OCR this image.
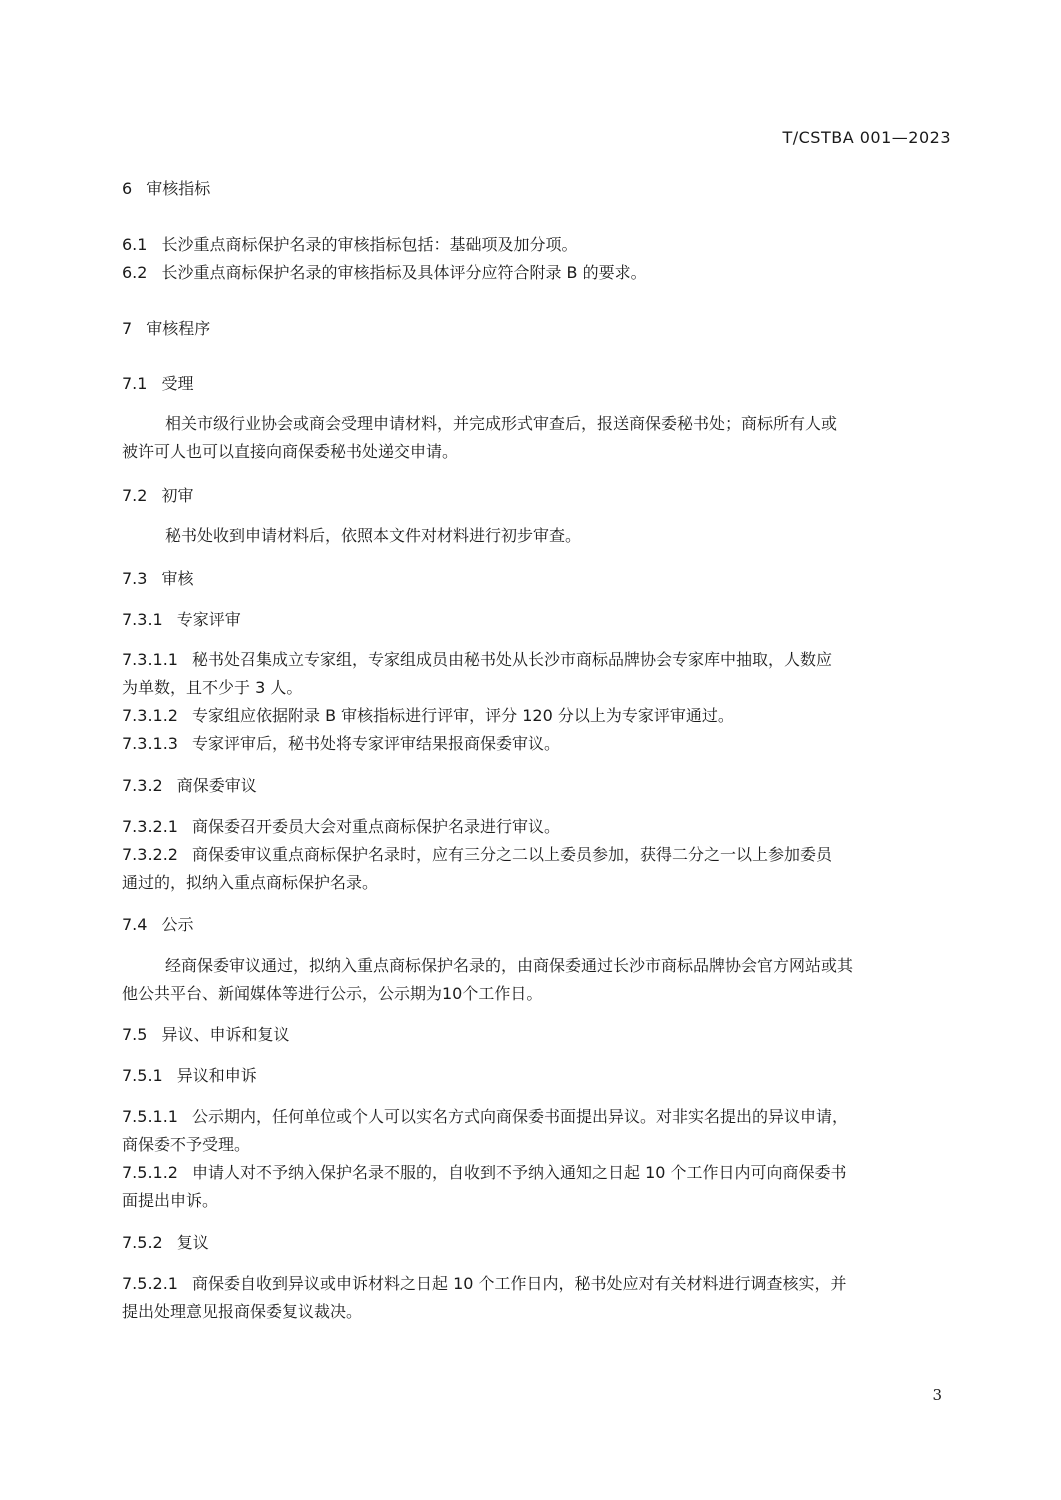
T/CSTBA 001—2023
6 审核指标
6.1 长沙重点商标保护名录的审核指标包括：基础项及加分项。
6.2 长沙重点商标保护名录的审核指标及具体评分应符合附录 B 的要求。
7 审核程序
7.1 受理
相关市级行业协会或商会受理申请材料，并完成形式审查后，报送商保委秘书处；商标所有人或
被许可人也可以直接向商保委秘书处递交申请。
7.2 初审
秘书处收到申请材料后，依照本文件对材料进行初步审查。
7.3 审核
7.3.1 专家评审
7.3.1.1 秘书处召集成立专家组，专家组成员由秘书处从长沙市商标品牌协会专家库中抽取，人数应
为单数，且不少于 3 人。
7.3.1.2 专家组应依据附录 B 审核指标进行评审，评分 120 分以上为专家评审通过。
7.3.1.3 专家评审后，秘书处将专家评审结果报商保委审议。
7.3.2 商保委审议
7.3.2.1 商保委召开委员大会对重点商标保护名录进行审议。
7.3.2.2 商保委审议重点商标保护名录时，应有三分之二以上委员参加，获得二分之一以上参加委员
通过的，拟纳入重点商标保护名录。
7.4 公示
经商保委审议通过，拟纳入重点商标保护名录的，由商保委通过长沙市商标品牌协会官方网站或其
他公共平台、新闻媒体等进行公示，公示期为10个工作日。
7.5 异议、申诉和复议
7.5.1 异议和申诉
7.5.1.1 公示期内，任何单位或个人可以实名方式向商保委书面提出异议。对非实名提出的异议申请，
商保委不予受理。
7.5.1.2 申请人对不予纳入保护名录不服的，自收到不予纳入通知之日起 10 个工作日内可向商保委书
面提出申诉。
7.5.2 复议
7.5.2.1 商保委自收到异议或申诉材料之日起 10 个工作日内，秘书处应对有关材料进行调查核实，并
提出处理意见报商保委复议裁决。
3
